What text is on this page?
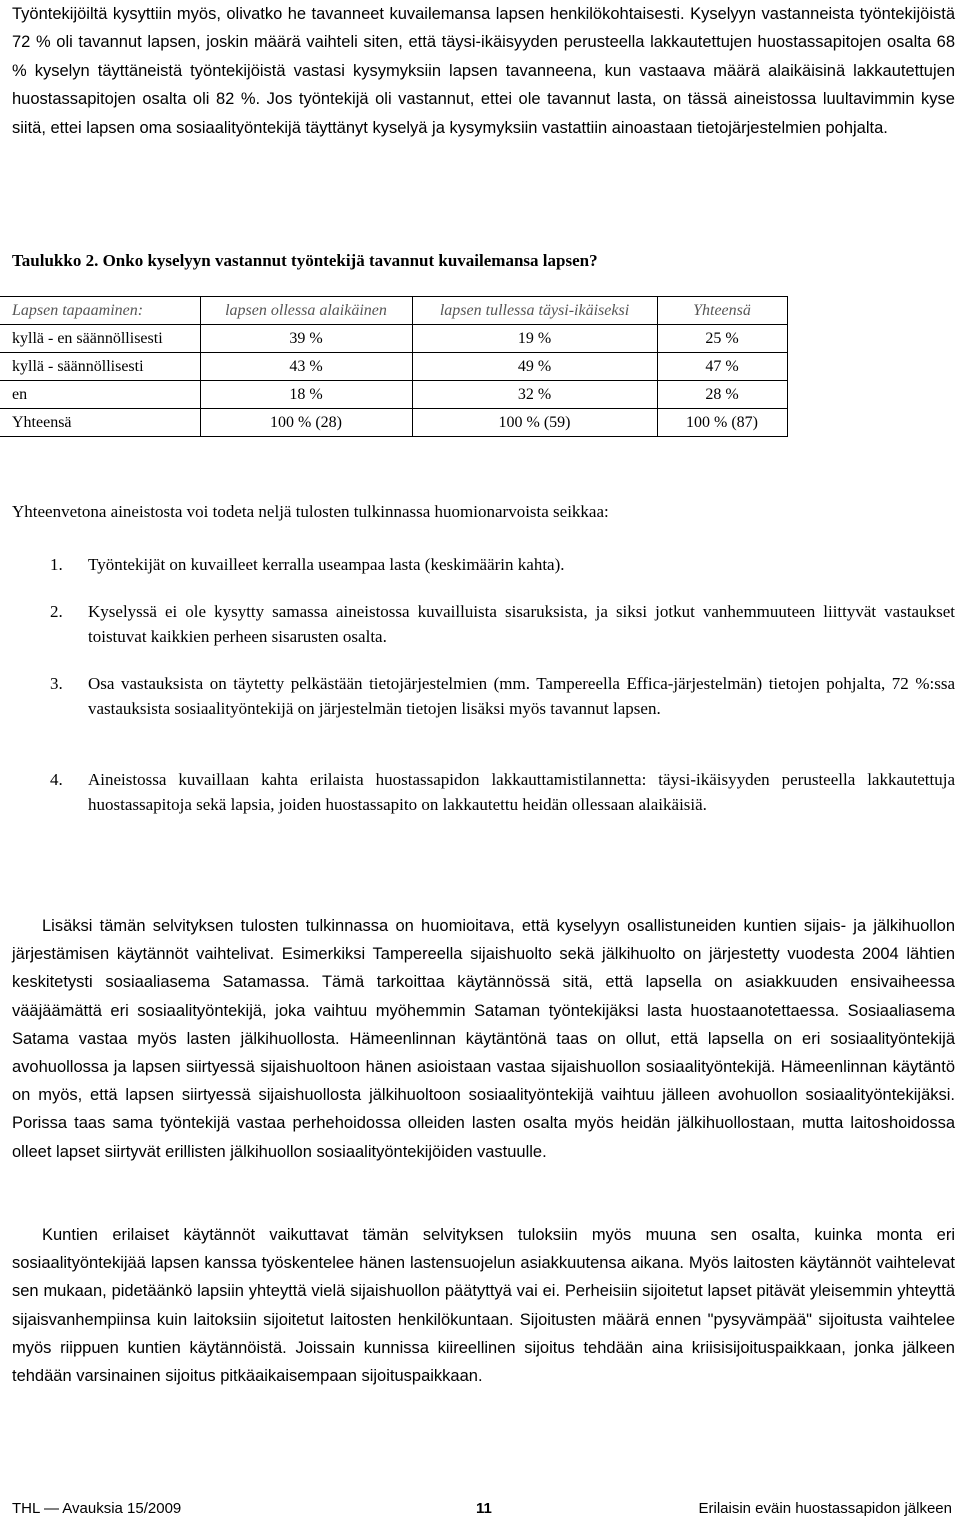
Työntekijöiltä kysyttiin myös, olivatko he tavanneet kuvailemansa lapsen henkilökohtaisesti. Kyselyyn vastanneista työntekijöistä 72 % oli tavannut lapsen, joskin määrä vaihteli siten, että täysi-ikäisyyden perusteella lakkautettujen huostassapitojen osalta 68 % kyselyn täyttäneistä työntekijöistä vastasi kysymyksiin lapsen tavanneena, kun vastaava määrä alaikäisinä lakkautettujen huostassapitojen osalta oli 82 %. Jos työntekijä oli vastannut, ettei ole tavannut lasta, on tässä aineistossa luultavimmin kyse siitä, ettei lapsen oma sosiaalityöntekijä täyttänyt kyselyä ja kysymyksiin vastattiin ainoastaan tietojärjestelmien pohjalta.

Taulukko 2. Onko kyselyyn vastannut työntekijä tavannut kuvailemansa lapsen?

Lapsen tapaaminen:	lapsen ollessa alaikäinen	lapsen tullessa täysi-ikäiseksi	Yhteensä
kyllä - en säännöllisesti	39 %	19 %	25 %
kyllä - säännöllisesti	43 %	49 %	47 %
en	18 %	32 %	28 %
Yhteensä	100 % (28)	100 % (59)	100 % (87)

Yhteenvetona aineistosta voi todeta neljä tulosten tulkinnassa huomionarvoista seikkaa:

1. Työntekijät on kuvailleet kerralla useampaa lasta (keskimäärin kahta).

2. Kyselyssä ei ole kysytty samassa aineistossa kuvailluista sisaruksista, ja siksi jotkut vanhemmuuteen liittyvät vastaukset toistuvat kaikkien perheen sisarusten osalta.

3. Osa vastauksista on täytetty pelkästään tietojärjestelmien (mm. Tampereella Effica-järjestelmän) tietojen pohjalta, 72 %:ssa vastauksista sosiaalityöntekijä on järjestelmän tietojen lisäksi myös tavannut lapsen.

4. Aineistossa kuvaillaan kahta erilaista huostassapidon lakkauttamistilannetta: täysi-ikäisyyden perusteella lakkautettuja huostassapitoja sekä lapsia, joiden huostassapito on lakkautettu heidän ollessaan alaikäisiä.

Lisäksi tämän selvityksen tulosten tulkinnassa on huomioitava, että kyselyyn osallistuneiden kuntien sijais- ja jälkihuollon järjestämisen käytännöt vaihtelivat. Esimerkiksi Tampereella sijaishuolto sekä jälkihuolto on järjestetty vuodesta 2004 lähtien keskitetysti sosiaaliasema Satamassa. Tämä tarkoittaa käytännössä sitä, että lapsella on asiakkuuden ensivaiheessa vääjäämättä eri sosiaalityöntekijä, joka vaihtuu myöhemmin Sataman työntekijäksi lasta huostaanotettaessa. Sosiaaliasema Satama vastaa myös lasten jälkihuollosta. Hämeenlinnan käytäntönä taas on ollut, että lapsella on eri sosiaalityöntekijä avohuollossa ja lapsen siirtyessä sijaishuoltoon hänen asioistaan vastaa sijaishuollon sosiaalityöntekijä. Hämeenlinnan käytäntö on myös, että lapsen siirtyessä sijaishuollosta jälkihuoltoon sosiaalityöntekijä vaihtuu jälleen avohuollon sosiaalityöntekijäksi. Porissa taas sama työntekijä vastaa perhehoidossa olleiden lasten osalta myös heidän jälkihuollostaan, mutta laitoshoidossa olleet lapset siirtyvät erillisten jälkihuollon sosiaalityöntekijöiden vastuulle.

Kuntien erilaiset käytännöt vaikuttavat tämän selvityksen tuloksiin myös muuna sen osalta, kuinka monta eri sosiaalityöntekijää lapsen kanssa työskentelee hänen lastensuojelun asiakkuutensa aikana. Myös laitosten käytännöt vaihtelevat sen mukaan, pidetäänkö lapsiin yhteyttä vielä sijaishuollon päätyttyä vai ei. Perheisiin sijoitetut lapset pitävät yleisemmin yhteyttä sijaisvanhempiinsa kuin laitoksiin sijoitetut laitosten henkilökuntaan. Sijoitusten määrä ennen "pysyvämpää" sijoitusta vaihtelee myös riippuen kuntien käytännöistä. Joissain kunnissa kiireellinen sijoitus tehdään aina kriisisijoituspaikkaan, jonka jälkeen tehdään varsinainen sijoitus pitkäaikaisempaan sijoituspaikkaan.

THL — Avauksia 15/2009	11	Erilaisin eväin huostassapidon jälkeen
